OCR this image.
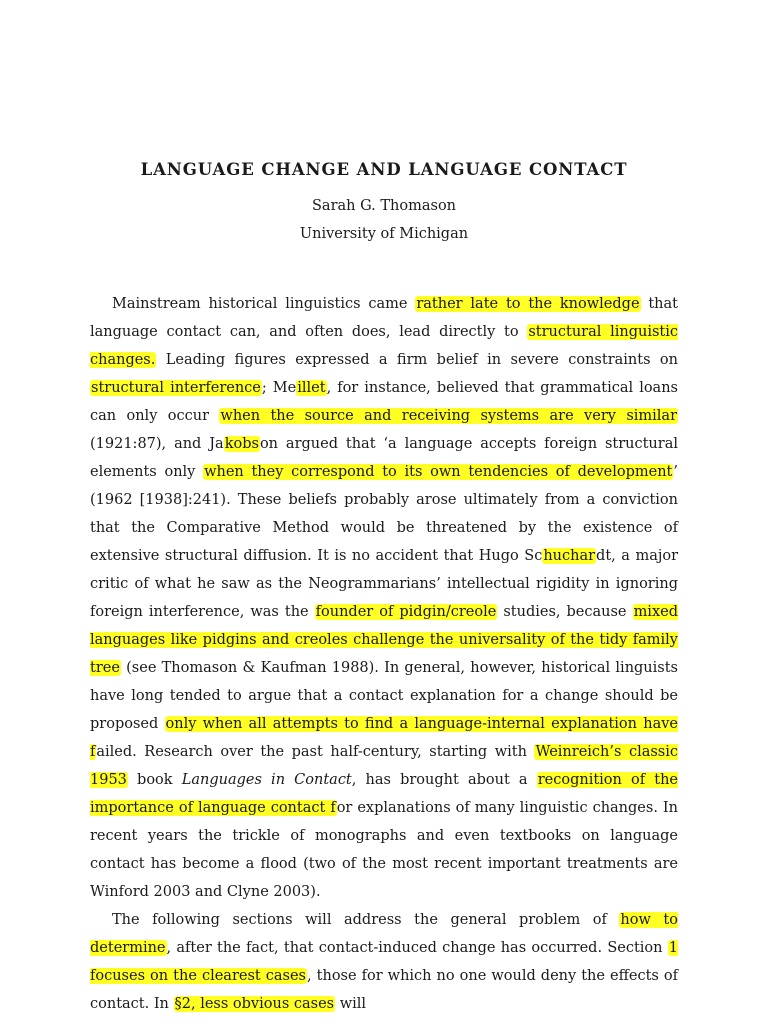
LANGUAGE CHANGE AND LANGUAGE CONTACT
Sarah G. Thomason
University of Michigan

Mainstream historical linguistics came rather late to the knowledge that language contact can, and often does, lead directly to structural linguistic changes. Leading figures expressed a firm belief in severe constraints on structural interference; Meillet, for instance, believed that grammatical loans can only occur when the source and receiving systems are very similar (1921:87), and Jakobson argued that ‘a language accepts foreign structural elements only when they correspond to its own tendencies of development’ (1962 [1938]:241). These beliefs probably arose ultimately from a conviction that the Comparative Method would be threatened by the existence of extensive structural diffusion. It is no accident that Hugo Schuchardt, a major critic of what he saw as the Neogrammarians’ intellectual rigidity in ignoring foreign interference, was the founder of pidgin/creole studies, because mixed languages like pidgins and creoles challenge the universality of the tidy family tree (see Thomason & Kaufman 1988). In general, however, historical linguists have long tended to argue that a contact explanation for a change should be proposed only when all attempts to find a language-internal explanation have failed. Research over the past half-century, starting with Weinreich’s classic 1953 book Languages in Contact, has brought about a recognition of the importance of language contact for explanations of many linguistic changes. In recent years the trickle of monographs and even textbooks on language contact has become a flood (two of the most recent important treatments are Winford 2003 and Clyne 2003).

The following sections will address the general problem of how to determine, after the fact, that contact-induced change has occurred. Section 1 focuses on the clearest cases, those for which no one would deny the effects of contact. In §2, less obvious cases will
